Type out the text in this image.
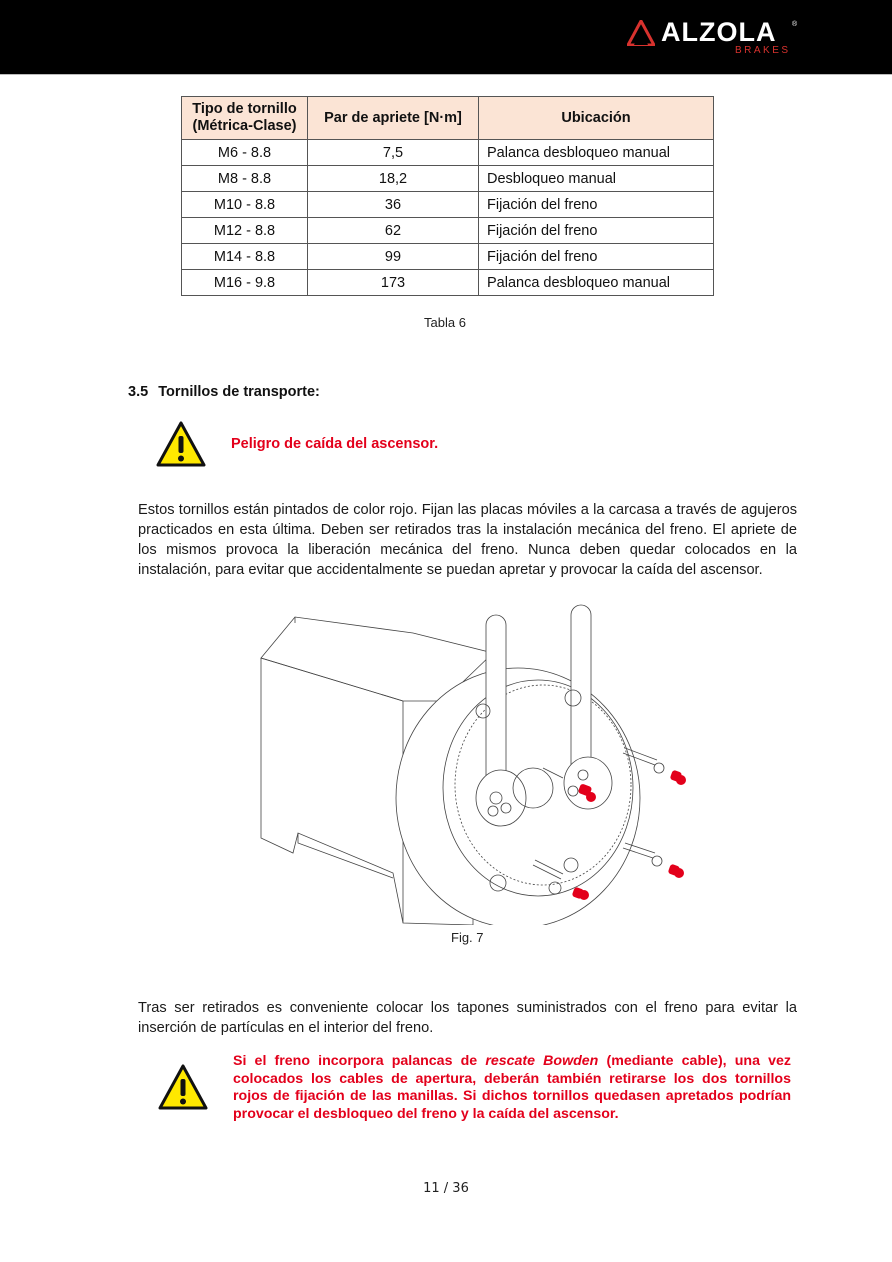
ALZOLA ®
BRAKES
Tipo de tornillo
(Métrica-Clase)	Par de apriete [N·m]	Ubicación
M6 - 8.8	7,5	Palanca desbloqueo manual
M8 - 8.8	18,2	Desbloqueo manual
M10 - 8.8	36	Fijación del freno
M12 - 8.8	62	Fijación del freno
M14 - 8.8	99	Fijación del freno
M16 - 9.8	173	Palanca desbloqueo manual
Tabla 6
3.5 Tornillos de transporte:
Peligro de caída del ascensor.
Estos tornillos están pintados de color rojo. Fijan las placas móviles a la carcasa a través de agujeros practicados en esta última. Deben ser retirados tras la instalación mecánica del freno. El apriete de los mismos provoca la liberación mecánica del freno. Nunca deben quedar colocados en la instalación, para evitar que accidentalmente se puedan apretar y provocar la caída del ascensor.
Fig. 7
Tras ser retirados es conveniente colocar los tapones suministrados con el freno para evitar la inserción de partículas en el interior del freno.
Si el freno incorpora palancas de rescate Bowden (mediante cable), una vez colocados los cables de apertura, deberán también retirarse los dos tornillos rojos de fijación de las manillas. Si dichos tornillos quedasen apretados podrían provocar el desbloqueo del freno y la caída del ascensor.
11 / 36
